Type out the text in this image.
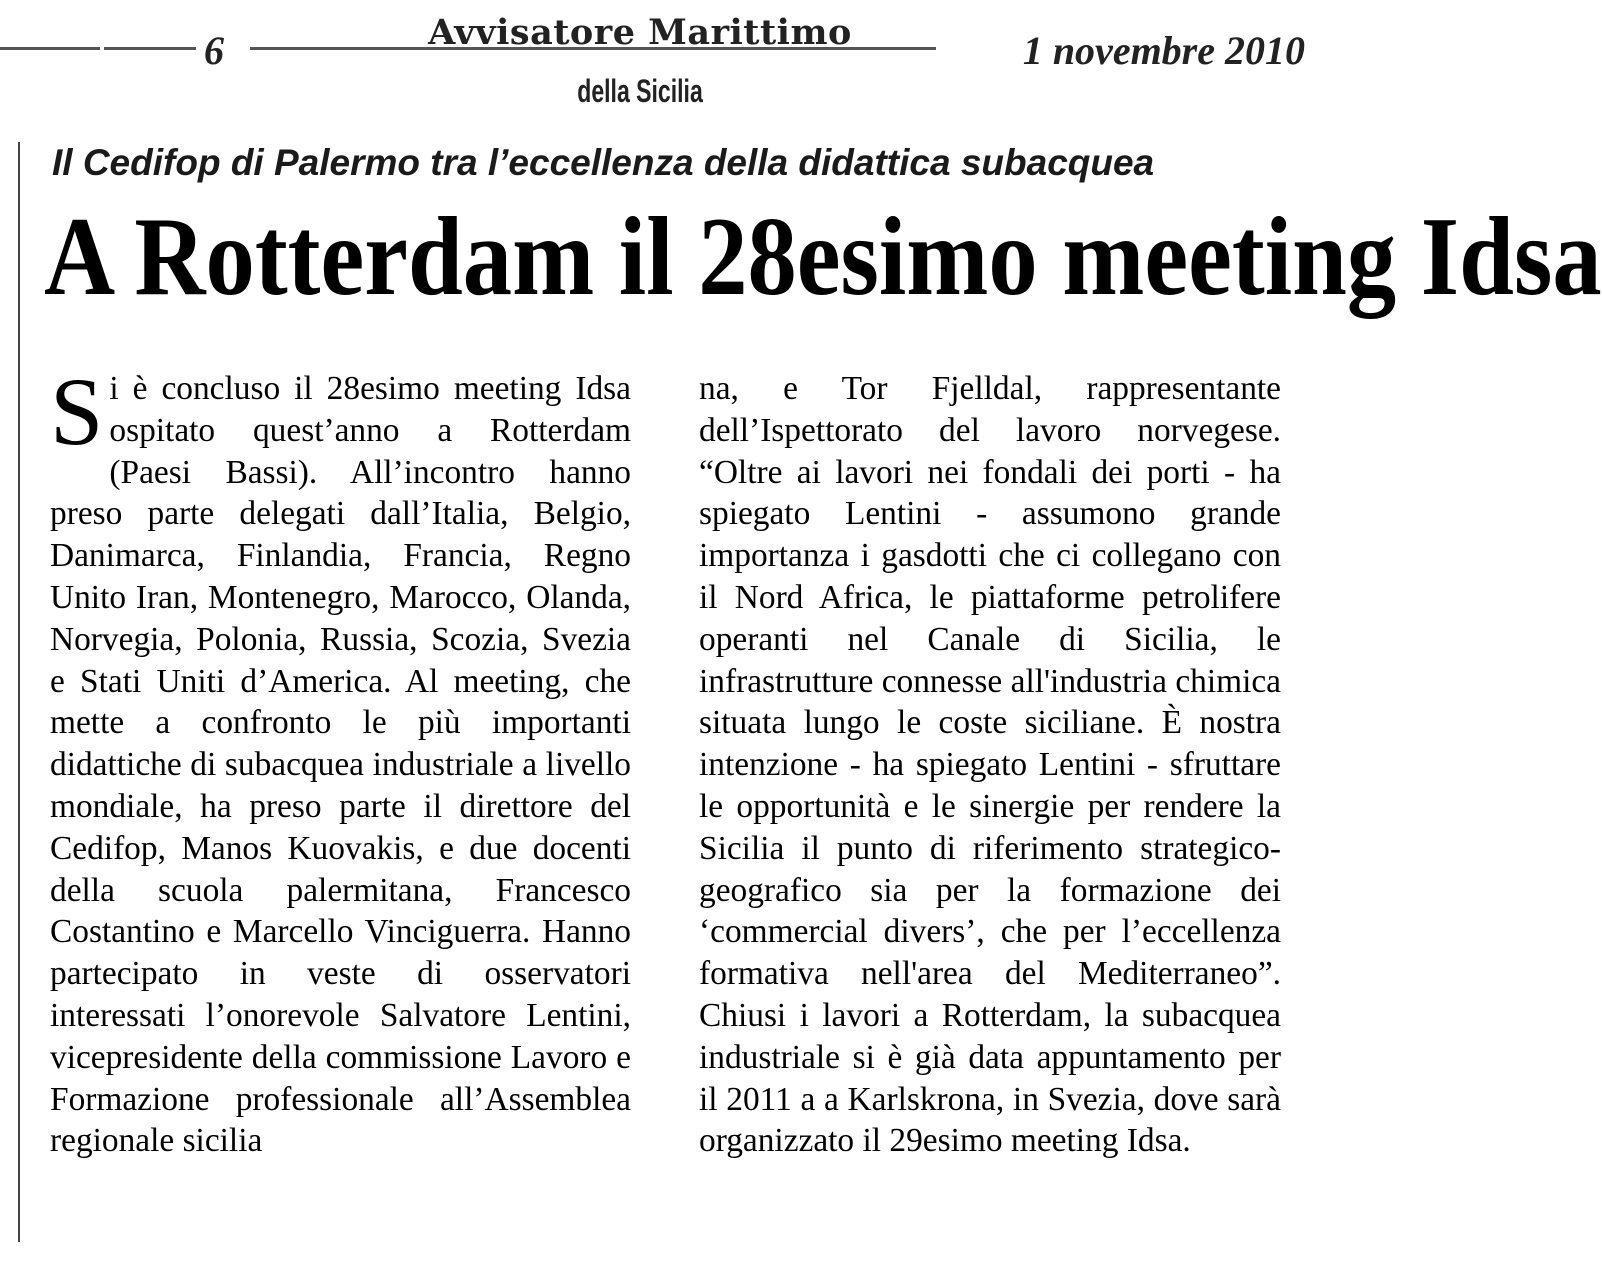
6	Avvisatore Marittimo
della Sicilia
1 novembre 2010
Il Cedifop di Palermo tra l’eccellenza della didattica subacquea
A Rotterdam il 28esimo meeting Idsa
S i è concluso il 28esimo meeting Idsa ospitato quest’anno a Rotterdam (Paesi Bassi). All’incontro hanno preso parte delegati dall’Italia, Belgio, Danimarca, Finlandia, Francia, Regno Unito Iran, Montenegro, Marocco, Olanda, Norvegia, Polonia, Russia, Scozia, Svezia e Stati Uniti d’America. Al meeting, che mette a confronto le più importanti didattiche di subacquea industriale a livello mondiale, ha preso parte il direttore del Cedifop, Manos Kuovakis, e due docenti della scuola palermitana, Francesco Costantino e Marcello Vinciguerra. Hanno partecipato in veste di osservatori interessati l’onorevole Salvatore Lentini, vicepresidente della commissione Lavoro e Formazione professionale all’Assemblea regionale sicilia

na, e Tor Fjelldal, rappresentante dell’Ispettorato del lavoro norvegese. “Oltre ai lavori nei fondali dei porti - ha spiegato Lentini - assumono grande importanza i gasdotti che ci collegano con il Nord Africa, le piattaforme petrolifere operanti nel Canale di Sicilia, le infrastrutture connesse all'industria chimica situata lungo le coste siciliane. È nostra intenzione - ha spiegato Lentini - sfruttare le opportunità e le sinergie per rendere la Sicilia il punto di riferimento strategico-geografico sia per la formazione dei ‘commercial divers’, che per l’eccellenza formativa nell'area del Mediterraneo”. Chiusi i lavori a Rotterdam, la subacquea industriale si è già data appuntamento per il 2011 a a Karlskrona, in Svezia, dove sarà organizzato il 29esimo meeting Idsa.
